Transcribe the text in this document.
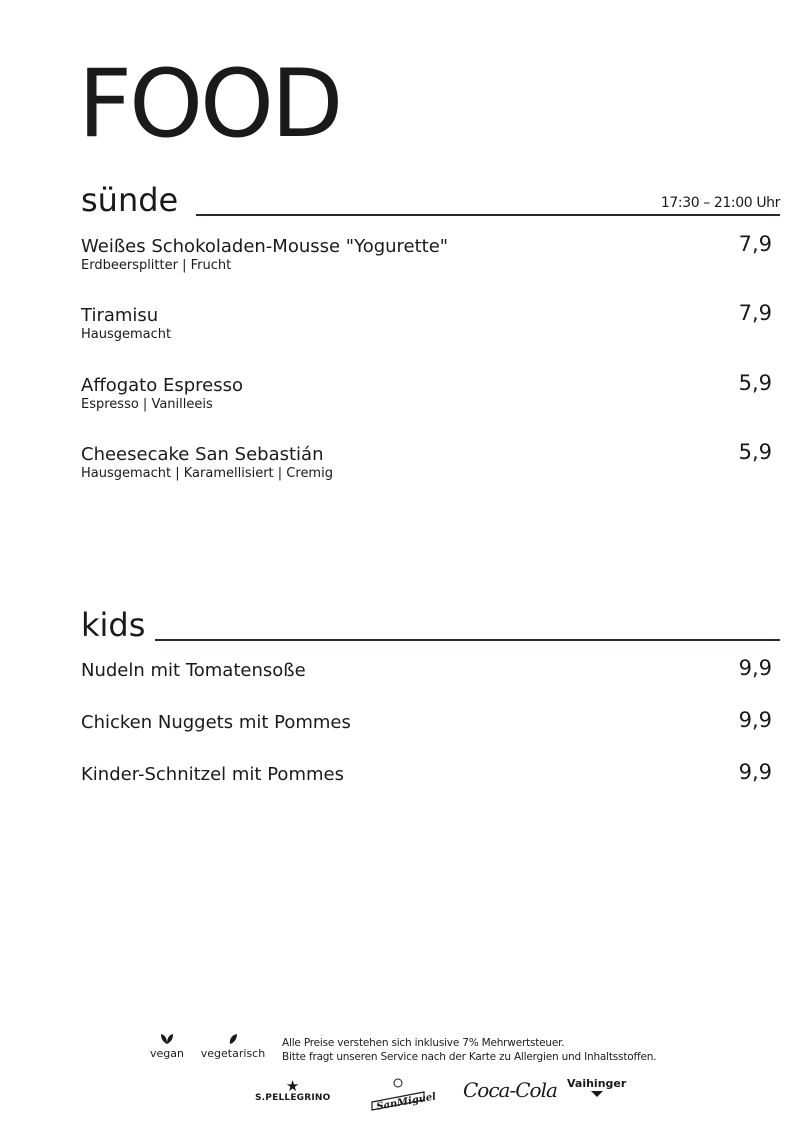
FOOD
sünde	17:30 – 21:00 Uhr
Weißes Schokoladen-Mousse "Yogurette"
Erdbeersplitter | Frucht
7,9
Tiramisu
Hausgemacht
7,9
Affogato Espresso
Espresso | Vanilleeis
5,9
Cheesecake San Sebastián
Hausgemacht | Karamellisiert | Cremig
5,9
kids
Nudeln mit Tomatensoße	9,9
Chicken Nuggets mit Pommes	9,9
Kinder-Schnitzel mit Pommes	9,9
vegan	vegetarisch
Alle Preise verstehen sich inklusive 7% Mehrwertsteuer.
Bitte fragt unseren Service nach der Karte zu Allergien und Inhaltsstoffen.
★
S.PELLEGRINO	SanMiguel
Coca-Cola Vaihinger
